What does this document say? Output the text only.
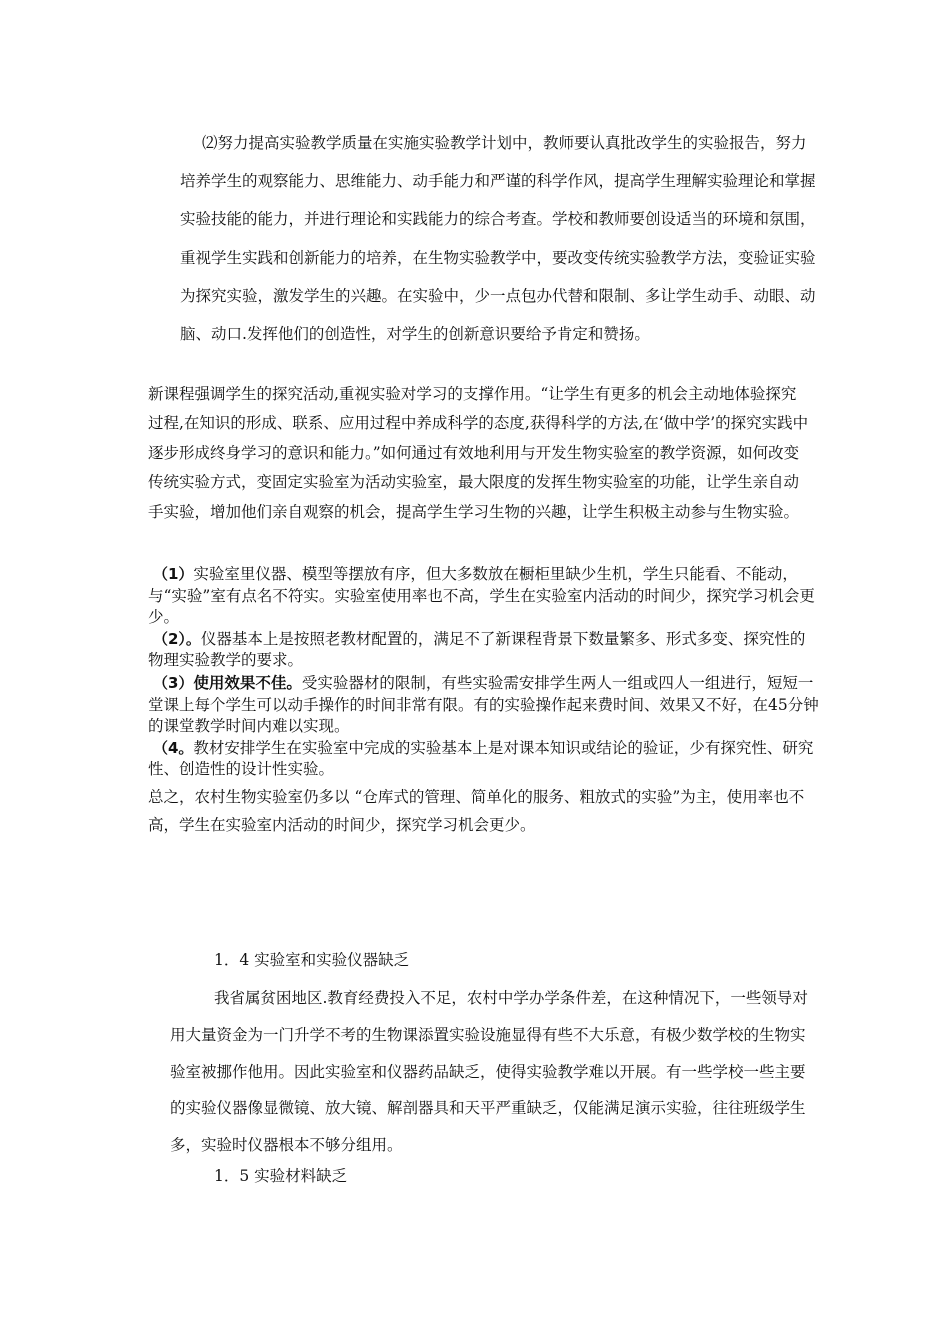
⑵努力提高实验教学质量在实施实验教学计划中，教师要认真批改学生的实验报告，努力培养学生的观察能力、思维能力、动手能力和严谨的科学作风，提高学生理解实验理论和掌握实验技能的能力，并进行理论和实践能力的综合考查。学校和教师要创设适当的环境和氛围，重视学生实践和创新能力的培养，在生物实验教学中，要改变传统实验教学方法，变验证实验为探究实验，激发学生的兴趣。在实验中，少一点包办代替和限制、多让学生动手、动眼、动脑、动口.发挥他们的创造性，对学生的创新意识要给予肯定和赞扬。

新课程强调学生的探究活动,重视实验对学习的支撑作用。“让学生有更多的机会主动地体验探究过程,在知识的形成、联系、应用过程中养成科学的态度,获得科学的方法,在‘做中学’的探究实践中逐步形成终身学习的意识和能力。”如何通过有效地利用与开发生物实验室的教学资源，如何改变传统实验方式，变固定实验室为活动实验室，最大限度的发挥生物实验室的功能，让学生亲自动手实验，增加他们亲自观察的机会，提高学生学习生物的兴趣，让学生积极主动参与生物实验。

（1）实验室里仪器、模型等摆放有序，但大多数放在橱柜里缺少生机，学生只能看、不能动，与“实验”室有点名不符实。实验室使用率也不高，学生在实验室内活动的时间少，探究学习机会更少。

（2）。仪器基本上是按照老教材配置的，满足不了新课程背景下数量繁多、形式多变、探究性的物理实验教学的要求。

（3）使用效果不佳。受实验器材的限制，有些实验需安排学生两人一组或四人一组进行，短短一堂课上每个学生可以动手操作的时间非常有限。有的实验操作起来费时间、效果又不好，在45分钟的课堂教学时间内难以实现。

（4。教材安排学生在实验室中完成的实验基本上是对课本知识或结论的验证，少有探究性、研究性、创造性的设计性实验。

总之，农村生物实验室仍多以 “仓库式的管理、简单化的服务、粗放式的实验”为主，使用率也不高，学生在实验室内活动的时间少，探究学习机会更少。

1．4 实验室和实验仪器缺乏

我省属贫困地区.教育经费投入不足，农村中学办学条件差，在这种情况下，一些领导对用大量资金为一门升学不考的生物课添置实验设施显得有些不大乐意，有极少数学校的生物实验室被挪作他用。因此实验室和仪器药品缺乏，使得实验教学难以开展。有一些学校一些主要的实验仪器像显微镜、放大镜、解剖器具和天平严重缺乏，仅能满足演示实验，往往班级学生多，实验时仪器根本不够分组用。

1．5 实验材料缺乏
